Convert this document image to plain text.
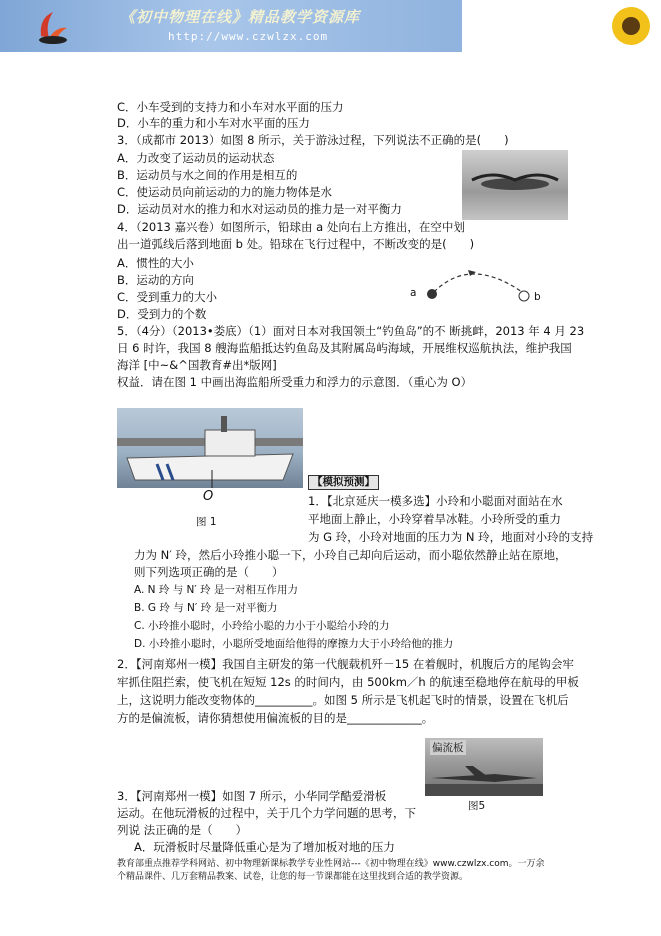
《初中物理在线》精品教学资源库
http://www.czwlzx.com
C．小车受到的支持力和小车对水平面的压力
D．小车的重力和小车对水平面的压力
3．（成都市 2013）如图 8 所示，关于游泳过程，下列说法不正确的是(　　)
A．力改变了运动员的运动状态
B．运动员与水之间的作用是相互的
C．使运动员向前运动的力的施力物体是水
D．运动员对水的推力和水对运动员的推力是一对平衡力
4．（2013 嘉兴卷）如图所示，铅球由 a 处向右上方推出，在空中划
出一道弧线后落到地面 b 处。铅球在飞行过程中，不断改变的是(　　)
A．惯性的大小
B．运动的方向
C．受到重力的大小
D．受到力的个数
a	b
5．（4分）（2013•娄底）（1）面对日本对我国领土“钓鱼岛”的不 断挑衅，2013 年 4 月 23
日 6 时许，我国 8 艘海监船抵达钓鱼岛及其附属岛屿海域，开展维权巡航执法，维护我国
海洋 [中~&^国教育#出*版网]
权益．请在图 1 中画出海监船所受重力和浮力的示意图．（重心为 O）
O
图 1
【模拟预测】
1．【北京延庆一模多选】小玲和小聪面对面站在水
平地面上静止，小玲穿着旱冰鞋。小玲所受的重力
为 G 玲，小玲对地面的压力为 N 玲，地面对小玲的支持
力为 N′ 玲，然后小玲推小聪一下，小玲自己却向后运动，而小聪依然静止站在原地，
则下列选项正确的是（　　）
A. N 玲 与 N′ 玲 是一对相互作用力
B. G 玲 与 N′ 玲 是一对平衡力
C. 小玲推小聪时，小玲给小聪的力小于小聪给小玲的力
D. 小玲推小聪时，小聪所受地面给他得的摩擦力大于小玲给他的推力
2．【河南郑州一模】我国自主研发的第一代舰载机歼－15 在着舰时，机腹后方的尾钩会牢
牢抓住阻拦索，使飞机在短短 12s 的时间内，由 500km／h 的航速至稳地停在航母的甲板
上，这说明力能改变物体的__________。如图 5 所示是飞机起飞时的情景，设置在飞机后
方的是偏流板，请你猜想使用偏流板的目的是_____________。
偏流板
图5
3．【河南郑州一模】如图 7 所示，小华同学酷爱滑板
运动。在他玩滑板的过程中，关于几个力学问题的思考，下
列说 法正确的是（　　）
A．玩滑板时尽量降低重心是为了增加板对地的压力
教育部重点推荐学科网站、初中物理新课标教学专业性网站---《初中物理在线》www.czwlzx.com。一万余
个精品课件、几万套精品教案、试卷，让您的每一节课都能在这里找到合适的教学资源。
